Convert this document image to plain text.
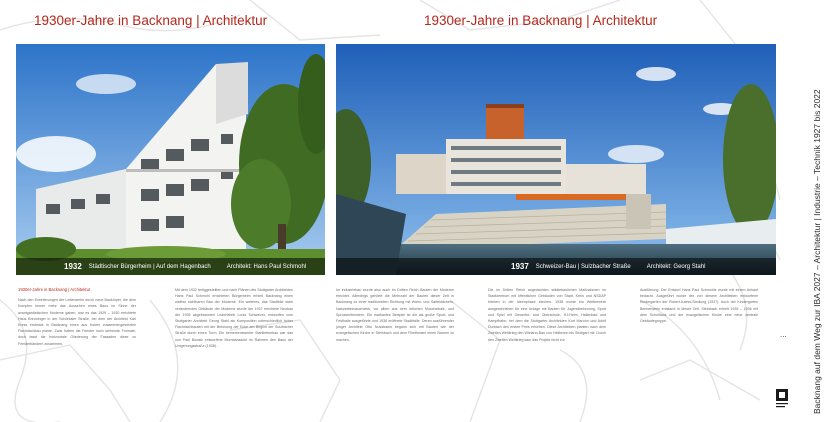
1930er-Jahre in Backnang | Architektur
1932 Städtischer Bürgerheim | Auf dem Hagenbach	Architekt: Hans Paul Schmohl
1930er-Jahre in Backnang | Architektur
Nach den Erweiterungen der Lederwerke durch neue Baukörper, die dem Komplex immer mehr das Aussehen eines Baus im Sinne der avantgardistischen Moderne gaben, war es das 1929 – 1930 errichtete Haus Breuninger in der Schöntaler Straße, bei dem der Architekt Karl Kress erstmals in Backnang einen aus Kuben zusammengesetzten Flachdachbau plante. Zwar haben die Fenster noch stehende Formate, doch fasst die horizontale Gliederung der Fassaden diese zu Fensterbändern zusammen.
Mit dem 1932 fertiggestellten und nach Plänen des Stuttgarter Architekten Hans Paul Schmohl errichteten Bürgerheim erhielt Backnang einen weithin sichtbaren Bau der Moderne. Ein weiteres, das Stadtbild stark veränderndes Gebäude der Moderne wurde der 1937 errichtete Neubau der 1935 abgebrannten Lederfabrik Louis Schweizer, entworfen vom Stuttgarter Architekt Georg Stahl als Komposition unterschiedlich hoher Flachdachbauten mit der Betonung der Ecke am Beginn der Sulzbacher Straße durch einen Turm. Ein bemerkenswerter Stahlbetonbau war das von Paul Bonatz entworfene Murrtalviadukt im Rahmen des Baus der Umgehungsstraße (1938).
1930er-Jahre in Backnang | Architektur
1937 Schweizer-Bau | Sulzbacher Straße	Architekt: Georg Stahl
Im Industriebau wurde also auch im Dritten Reich Bauten der Moderne errichtet. Allerdings gehörte die Mehrzahl der Bauten dieser Zeit in Backnang zu einer traditionellen Richtung mit Walm- und Satteldächern, Natursteinmauerwerk, vor allem aus dem örtlichen Muschelkalk, und Sprossenfenstern. Ein markantes Beispiel ist die als große Sport- und Festhalle ausgeführte und 1938 eröffnete Stadthalle. Deren ausführender junger Architekt Otto Nussbaum begann sich mit Bauten wie der evangelischen Kirche in Steinbach und dem Filmtheater einen Namen zu machen.
Die im Dritten Reich angedachten städtebaulichen Maßnahmen im Stadtzentrum mit öffentlichen Gebäuden von Stadt, Kreis und NSDAP blieben in der Ideenphase stecken. 1938 wurde ein Wettbewerb ausgeschrieben für eine Anlage mit Bauten für Jugendbetreuung, Sport und Spiel mit Gewerbe- und Oberschule, HJ-Heim, Hallenbad und Kampfbahn, bei dem die Stuttgarter Architekten Kurt Marohn und Adolf Durbach den ersten Preis erhielten. Diese Architekten planten nach dem Zweiten Weltkrieg den Wieland-Bau von Heilbronn bis Stuttgart mit. Durch den Zweiten Weltkrieg kam das Projekt nicht zur
Ausführung. Der Entwurf Hans Paul Schmohls wurde mit einem Ankauf bedacht. Ausgeführt wurde der von diesem Architekten entworfene Kindergarten der Robert-Kaess-Siedlung (1937). Auch der Kindergarten Bennenstein entstand in dieser Zeit. Steinbach erhielt 1935 – 1936 mit dem Schulhaus und der evangelischen Kirche eine neue zentrale Gebäudegruppe.
...	Backnang auf dem Weg zur IBA 2027 – Architektur | Industrie – Technik 1927 bis 2022
